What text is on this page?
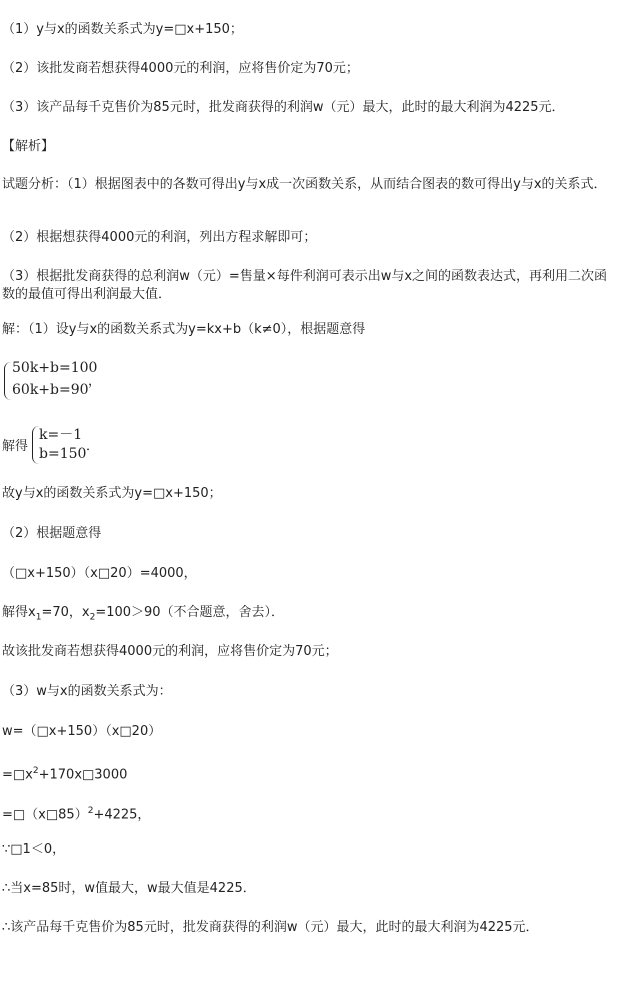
（1）y与x的函数关系式为y=□x+150；
（2）该批发商若想获得4000元的利润，应将售价定为70元；
（3）该产品每千克售价为85元时，批发商获得的利润w（元）最大，此时的最大利润为4225元．
【解析】
试题分析：（1）根据图表中的各数可得出y与x成一次函数关系，从而结合图表的数可得出y与x的关系式．
（2）根据想获得4000元的利润，列出方程求解即可；
（3）根据批发商获得的总利润w（元）=售量×每件利润可表示出w与x之间的函数表达式，再利用二次函数的最值可得出利润最大值．
解：（1）设y与x的函数关系式为y=kx+b（k≠0），根据题意得
50k+b=100
60k+b=90
，
解得
k=－1
b=150 ．
故y与x的函数关系式为y=□x+150；
（2）根据题意得
（□x+150）（x□20）=4000，
解得$x_1=70$，$x_2=100>90$（不合题意，舍去）．
故该批发商若想获得4000元的利润，应将售价定为70元；
（3）w与x的函数关系式为：
w=（□x+150）（x□20）
$=□x^2+170x□3000$
=□（x□85）$^2$+4225，
∵□1＜0，
∴当x=85时，w值最大，w最大值是4225．
∴该产品每千克售价为85元时，批发商获得的利润w（元）最大，此时的最大利润为4225元．
